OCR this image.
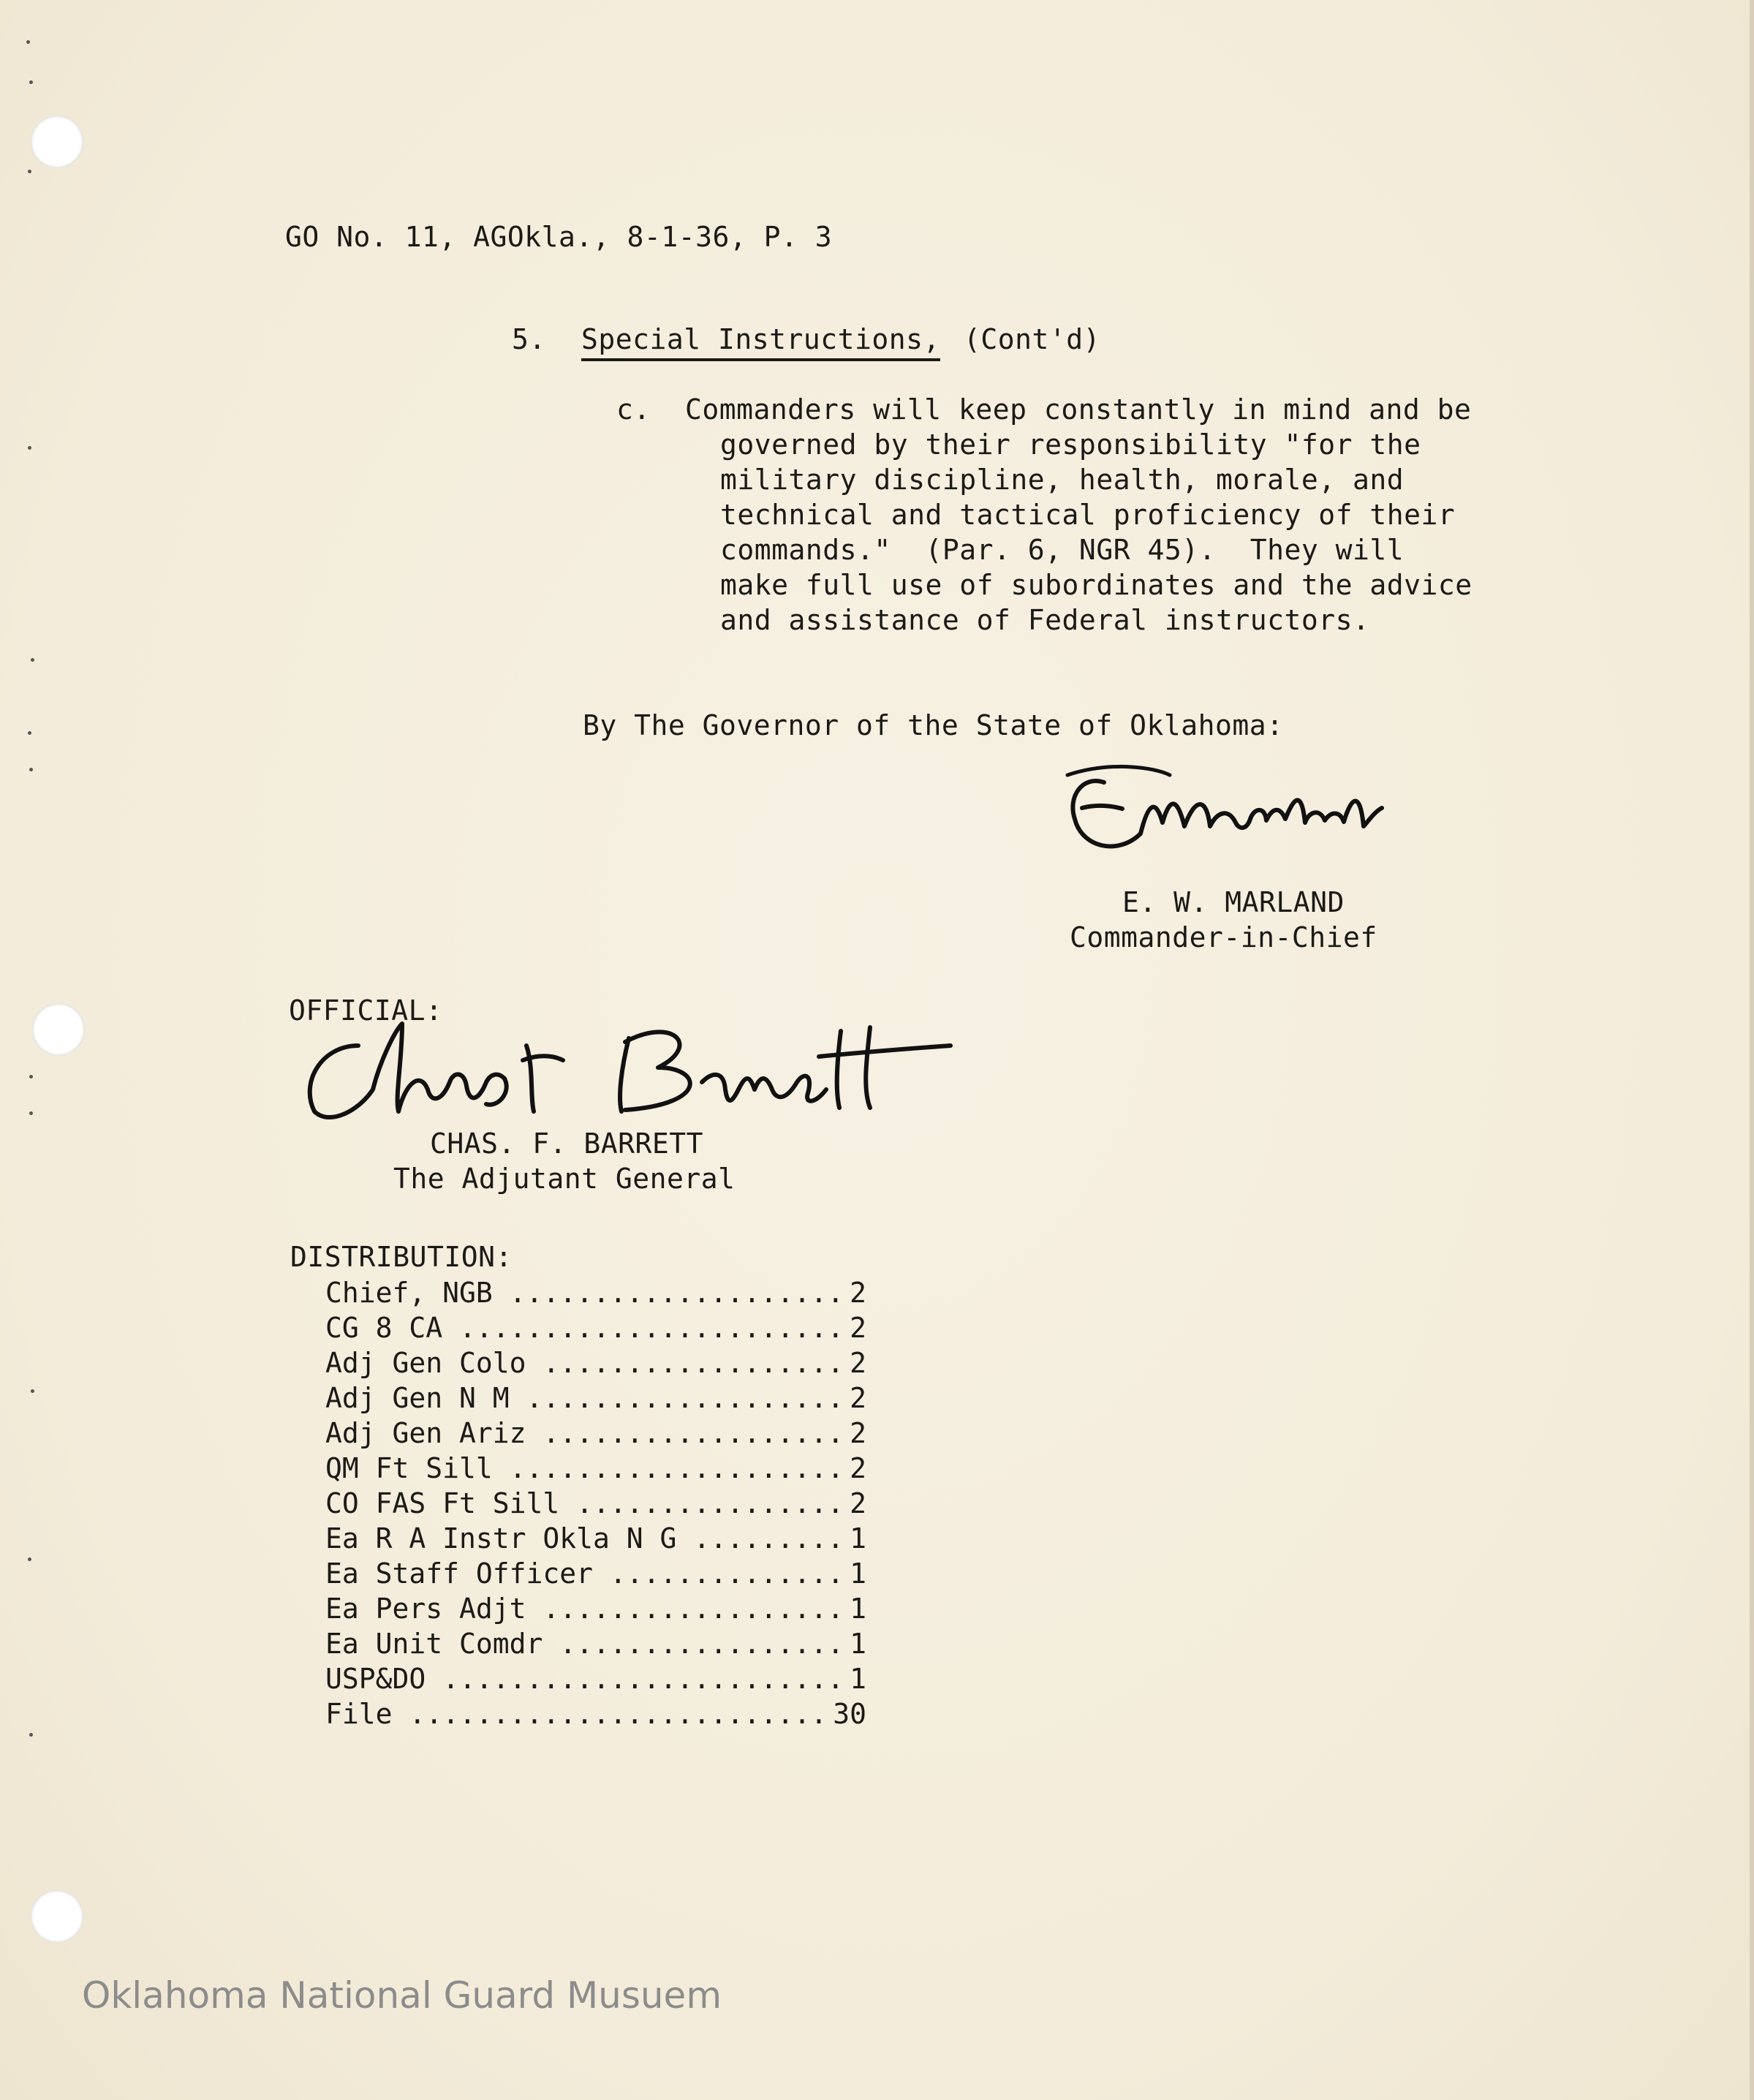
GO No. 11, AGOkla., 8-1-36, P. 3
5. Special Instructions, (Cont'd)
c. Commanders will keep constantly in mind and be
governed by their responsibility "for the
military discipline, health, morale, and
technical and tactical proficiency of their
commands."  (Par. 6, NGR 45).  They will
make full use of subordinates and the advice
and assistance of Federal instructors.
By The Governor of the State of Oklahoma:
E. W. MARLAND
Commander-in-Chief
OFFICIAL:
CHAS. F. BARRETT
The Adjutant General
DISTRIBUTION:
Chief, NGB .................... 2
CG 8 CA ....................... 2
Adj Gen Colo .................. 2
Adj Gen N M ................... 2
Adj Gen Ariz .................. 2
QM Ft Sill .................... 2
CO FAS Ft Sill ................ 2
Ea R A Instr Okla N G ......... 1
Ea Staff Officer .............. 1
Ea Pers Adjt .................. 1
Ea Unit Comdr ................. 1
USP&DO ........................ 1
File ......................... 30
Oklahoma National Guard Musuem
